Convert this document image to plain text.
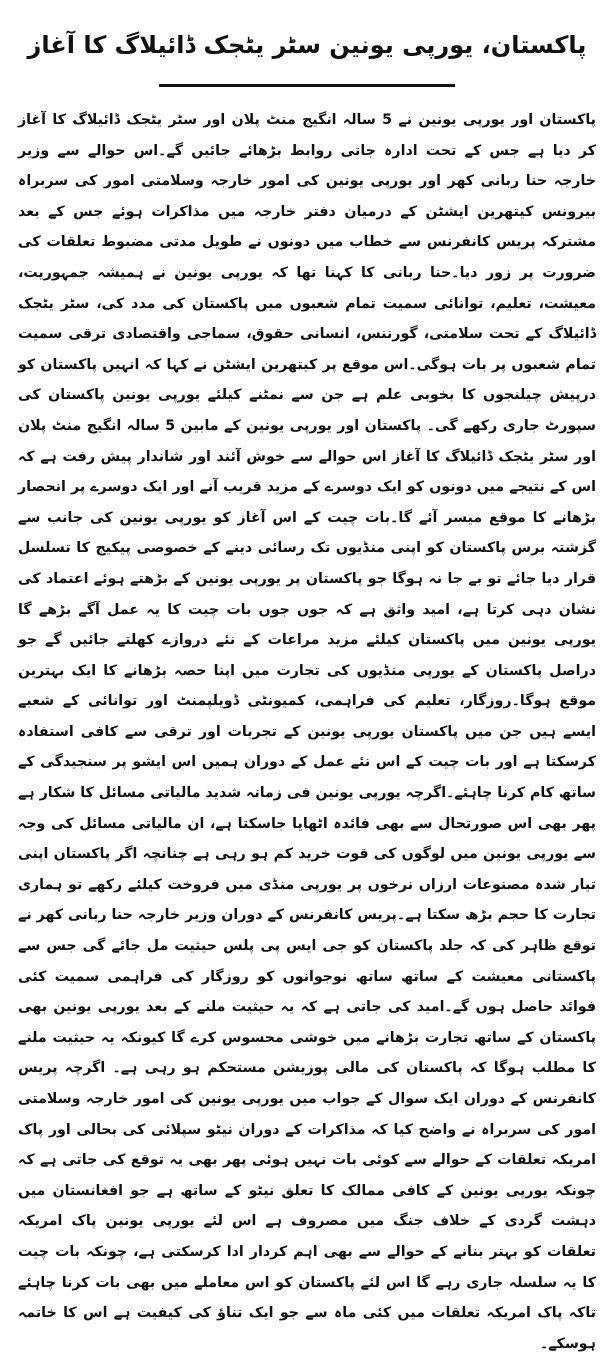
پاکستان، یورپی یونین سٹر یٹجک ڈائیلاگ کا آغاز

پاکستان اور یورپی یونین نے 5 سالہ انگیج منٹ پلان اور سٹر یٹجک ڈائیلاگ کا آغاز کر دیا ہے جس کے تحت ادارہ جاتی روابط بڑھائے جائیں گے۔اس حوالے سے وزیر خارجہ حنا ربانی کھر اور یورپی یونین کی امور خارجہ وسلامتی امور کی سربراہ بیرونس کیتھرین ایشٹن کے درمیان دفتر خارجہ میں مذاکرات ہوئے جس کے بعد مشترکہ پریس کانفرنس سے خطاب میں دونوں نے طویل مدتی مضبوط تعلقات کی ضرورت پر زور دیا۔حنا ربانی کا کہنا تھا کہ یورپی یونین نے ہمیشہ جمہوریت، معیشت، تعلیم، توانائی سمیت تمام شعبوں میں پاکستان کی مدد کی، سٹر یٹجک ڈائیلاگ کے تحت سلامتی، گورننس، انسانی حقوق، سماجی واقتصادی ترقی سمیت تمام شعبوں پر بات ہوگی۔اس موقع پر کیتھرین ایشٹن نے کہا کہ انہیں پاکستان کو درپیش چیلنجوں کا بخوبی علم ہے جن سے نمٹنے کیلئے یورپی یونین پاکستان کی سپورٹ جاری رکھے گی۔ پاکستان اور یورپی یونین کے مابین 5 سالہ انگیج منٹ پلان اور سٹر یٹجک ڈائیلاگ کا آغاز اس حوالے سے خوش آئند اور شاندار پیش رفت ہے کہ اس کے نتیجے میں دونوں کو ایک دوسرے کے مزید قریب آنے اور ایک دوسرے پر انحصار بڑھانے کا موقع میسر آئے گا۔بات چیت کے اس آغاز کو یورپی یونین کی جانب سے گزشتہ برس پاکستان کو اپنی منڈیوں تک رسائی دینے کے خصوصی پیکیج کا تسلسل قرار دیا جائے تو بے جا نہ ہوگا جو پاکستان پر یورپی یونین کے بڑھتے ہوئے اعتماد کی نشان دہی کرتا ہے، امید واثق ہے کہ جوں جوں بات چیت کا یہ عمل آگے بڑھے گا یورپی یونین میں پاکستان کیلئے مزید مراعات کے نئے دروازے کھلتے جائیں گے جو دراصل پاکستان کے یورپی منڈیوں کی تجارت میں اپنا حصہ بڑھانے کا ایک بہترین موقع ہوگا۔روزگار، تعلیم کی فراہمی، کمیونٹی ڈویلپمنٹ اور توانائی کے شعبے ایسے ہیں جن میں پاکستان یورپی یونین کے تجربات اور ترقی سے کافی استفادہ کرسکتا ہے اور بات چیت کے اس نئے عمل کے دوران ہمیں اس ایشو پر سنجیدگی کے ساتھ کام کرنا چاہئے۔اگرچہ یورپی یونین فی زمانہ شدید مالیاتی مسائل کا شکار ہے پھر بھی اس صورتحال سے بھی فائدہ اٹھایا جاسکتا ہے، ان مالیاتی مسائل کی وجہ سے یورپی یونین میں لوگوں کی قوت خرید کم ہو رہی ہے چنانچہ اگر پاکستان اپنی تیار شدہ مصنوعات ارزاں نرخوں پر یورپی منڈی میں فروخت کیلئے رکھے تو ہماری تجارت کا حجم بڑھ سکتا ہے۔پریس کانفرنس کے دوران وزیر خارجہ حنا ربانی کھر نے توقع ظاہر کی کہ جلد پاکستان کو جی ایس پی پلس حیثیت مل جائے گی جس سے پاکستانی معیشت کے ساتھ ساتھ نوجوانوں کو روزگار کی فراہمی سمیت کئی فوائد حاصل ہوں گے۔امید کی جاتی ہے کہ یہ حیثیت ملنے کے بعد یورپی یونین بھی پاکستان کے ساتھ تجارت بڑھانے میں خوشی محسوس کرے گا کیونکہ یہ حیثیت ملنے کا مطلب ہوگا کہ پاکستان کی مالی پوزیشن مستحکم ہو رہی ہے۔ اگرچہ پریس کانفرنس کے دوران ایک سوال کے جواب میں یورپی یونین کی امور خارجہ وسلامتی امور کی سربراہ نے واضح کیا کہ مذاکرات کے دوران نیٹو سپلائی کی بحالی اور پاک امریکہ تعلقات کے حوالے سے کوئی بات نہیں ہوئی پھر بھی یہ توقع کی جاتی ہے کہ چونکہ یورپی یونین کے کافی ممالک کا تعلق نیٹو کے ساتھ ہے جو افغانستان میں دہشت گردی کے خلاف جنگ میں مصروف ہے اس لئے یورپی یونین پاک امریکہ تعلقات کو بہتر بنانے کے حوالے سے بھی اہم کردار ادا کرسکتی ہے، چونکہ بات چیت کا یہ سلسلہ جاری رہے گا اس لئے پاکستان کو اس معاملے میں بھی بات کرنا چاہئے تاکہ پاک امریکہ تعلقات میں کئی ماہ سے جو ایک تناؤ کی کیفیت ہے اس کا خاتمہ ہوسکے۔
